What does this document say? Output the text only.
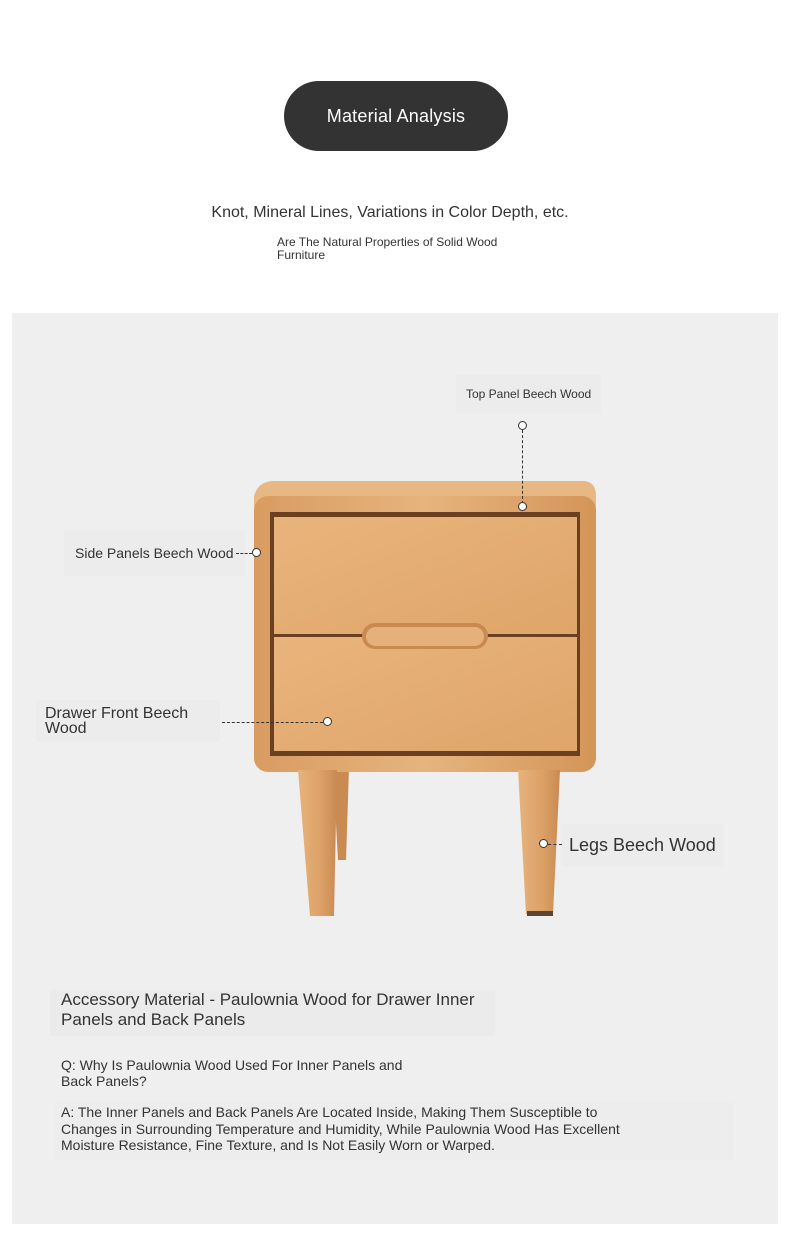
Material Analysis
Knot, Mineral Lines, Variations in Color Depth, etc.
Are The Natural Properties of Solid Wood Furniture
Top Panel Beech Wood
Side Panels Beech Wood
Drawer Front Beech Wood
Legs Beech Wood
Accessory Material - Paulownia Wood for Drawer Inner Panels and Back Panels
Q: Why Is Paulownia Wood Used For Inner Panels and Back Panels?
A: The Inner Panels and Back Panels Are Located Inside, Making Them Susceptible to Changes in Surrounding Temperature and Humidity, While Paulownia Wood Has Excellent Moisture Resistance, Fine Texture, and Is Not Easily Worn or Warped.
